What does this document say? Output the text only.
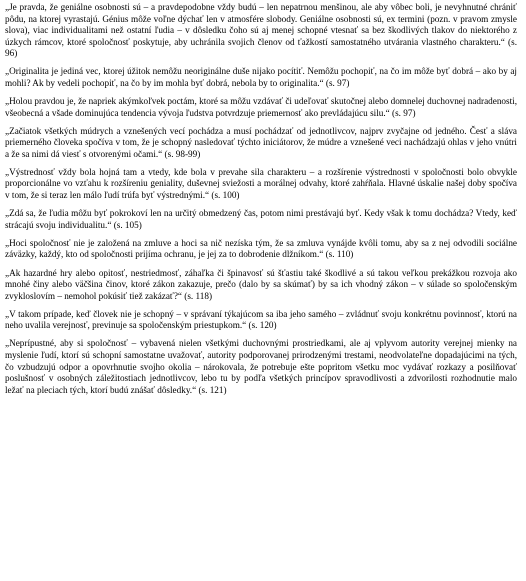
„Je pravda, že geniálne osobnosti sú – a pravdepodobne vždy budú – len nepatrnou menšinou, ale aby vôbec boli, je nevyhnutné chrániť pôdu, na ktorej vyrastajú. Génius môže voľne dýchať len v atmosfére slobody. Geniálne osobnosti sú, ex termini (pozn. v pravom zmysle slova), viac individualitami než ostatní ľudia – v dôsledku čoho sú aj menej schopné vtesnať sa bez škodlivých tlakov do niektorého z úzkych rámcov, ktoré spoločnosť poskytuje, aby uchránila svojich členov od ťažkostí samostatného utvárania vlastného charakteru.“ (s. 96)

„Originalita je jediná vec, ktorej úžitok nemôžu neoriginálne duše nijako pocítiť. Nemôžu pochopiť, na čo im môže byť dobrá – ako by aj mohli? Ak by vedeli pochopiť, na čo by im mohla byť dobrá, nebola by to originalita.“ (s. 97)

„Holou pravdou je, že napriek akýmkoľvek poctám, ktoré sa môžu vzdávať či udeľovať skutočnej alebo domnelej duchovnej nadradenosti, všeobecná a všade dominujúca tendencia vývoja ľudstva potvrdzuje priemernosť ako prevládajúcu silu.“ (s. 97)

„Začiatok všetkých múdrych a vznešených vecí pochádza a musí pochádzať od jednotlivcov, najprv zvyčajne od jedného. Česť a sláva priemerného človeka spočíva v tom, že je schopný nasledovať týchto iniciátorov, že múdre a vznešené veci nachádzajú ohlas v jeho vnútri a že sa nimi dá viesť s otvorenými očami.“ (s. 98-99)

„Výstrednosť vždy bola hojná tam a vtedy, kde bola v prevahe sila charakteru – a rozšírenie výstrednosti v spoločnosti bolo obvykle proporcionálne vo vzťahu k rozšíreniu geniality, duševnej sviežosti a morálnej odvahy, ktoré zahŕňala. Hlavné úskalie našej doby spočíva v tom, že si teraz len málo ľudí trúfa byť výstrednými.“ (s. 100)

„Zdá sa, že ľudia môžu byť pokrokoví len na určitý obmedzený čas, potom nimi prestávajú byť. Kedy však k tomu dochádza? Vtedy, keď strácajú svoju individualitu.“ (s. 105)

„Hoci spoločnosť nie je založená na zmluve a hoci sa nič nezíska tým, že sa zmluva vynájde kvôli tomu, aby sa z nej odvodili sociálne záväzky, každý, kto od spoločnosti prijíma ochranu, je jej za to dobrodenie dlžníkom.“ (s. 110)

„Ak hazardné hry alebo opitosť, nestriedmosť, záhaľka či špinavosť sú šťastiu také škodlivé a sú takou veľkou prekážkou rozvoja ako mnohé činy alebo väčšina činov, ktoré zákon zakazuje, prečo (dalo by sa skúmať) by sa ich vhodný zákon – v súlade so spoločenským zvykloslovím – nemohol pokúsiť tiež zakázať?“ (s. 118)

„V takom prípade, keď človek nie je schopný – v správaní týkajúcom sa iba jeho samého – zvládnuť svoju konkrétnu povinnosť, ktorú na neho uvalila verejnosť, previnuje sa spoločenským priestupkom.“ (s. 120)

„Neprípustné, aby si spoločnosť – vybavená nielen všetkými duchovnými prostriedkami, ale aj vplyvom autority verejnej mienky na myslenie ľudí, ktorí sú schopní samostatne uvažovať, autority podporovanej prirodzenými trestami, neodvolateľne dopadajúcimi na tých, čo vzbudzujú odpor a opovrhnutie svojho okolia – nárokovala, že potrebuje ešte popritom všetku moc vydávať rozkazy a posilňovať poslušnosť v osobných záležitostiach jednotlivcov, lebo tu by podľa všetkých princípov spravodlivosti a zdvorilosti rozhodnutie malo ležať na pleciach tých, ktorí budú znášať dôsledky.“ (s. 121)
